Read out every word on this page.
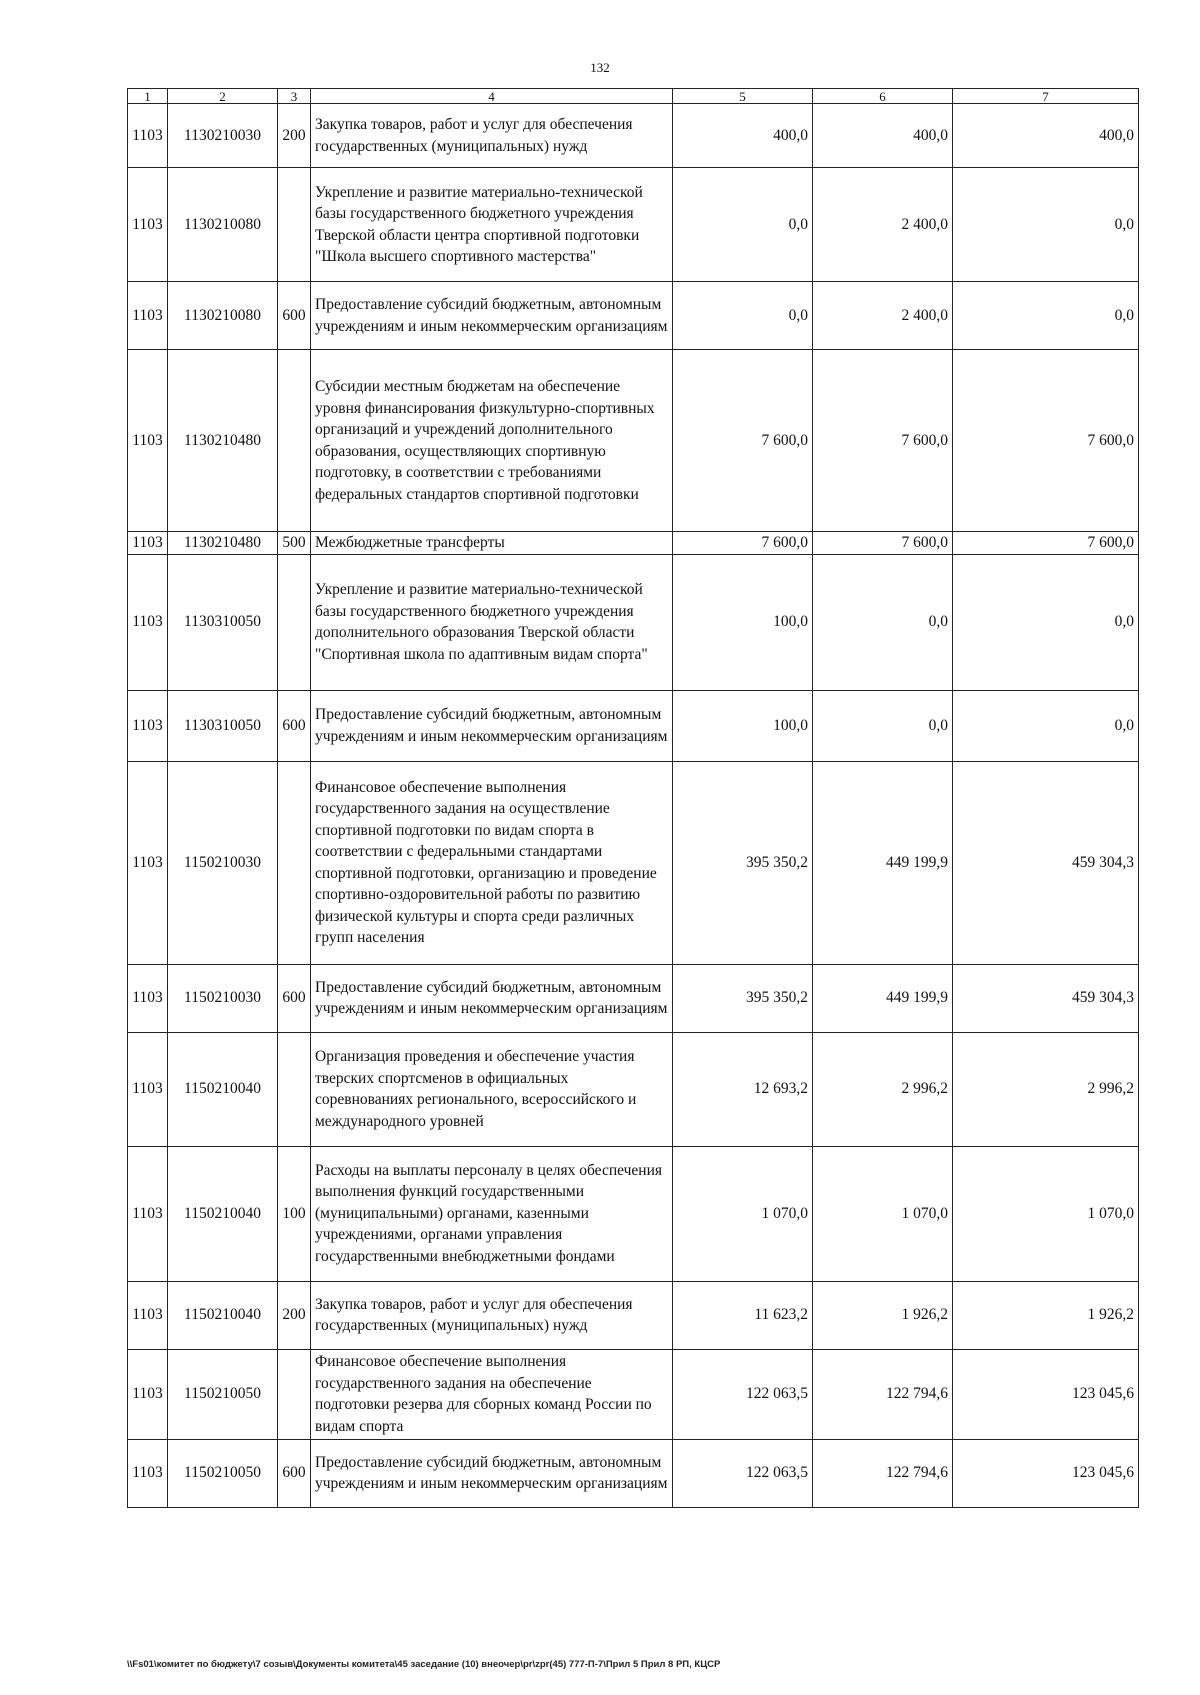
132
1	2	3	4	5	6	7
1103	1130210030	200	Закупка товаров, работ и услуг для обеспечения государственных (муниципальных) нужд	400,0	400,0	400,0
1103	1130210080		Укрепление и развитие материально-технической базы государственного бюджетного учреждения Тверской области центра спортивной подготовки "Школа высшего спортивного мастерства"	0,0	2 400,0	0,0
1103	1130210080	600	Предоставление субсидий бюджетным, автономным учреждениям и иным некоммерческим организациям	0,0	2 400,0	0,0
1103	1130210480		Субсидии местным бюджетам на обеспечение уровня финансирования физкультурно-спортивных организаций и учреждений дополнительного образования, осуществляющих спортивную подготовку, в соответствии с требованиями федеральных стандартов спортивной подготовки	7 600,0	7 600,0	7 600,0
1103	1130210480	500	Межбюджетные трансферты	7 600,0	7 600,0	7 600,0
1103	1130310050		Укрепление и развитие материально-технической базы государственного бюджетного учреждения дополнительного образования Тверской области "Спортивная школа по адаптивным видам спорта"	100,0	0,0	0,0
1103	1130310050	600	Предоставление субсидий бюджетным, автономным учреждениям и иным некоммерческим организациям	100,0	0,0	0,0
1103	1150210030		Финансовое обеспечение выполнения государственного задания на осуществление спортивной подготовки по видам спорта в соответствии с федеральными стандартами спортивной подготовки, организацию и проведение спортивно-оздоровительной работы по развитию физической культуры и спорта среди различных групп населения	395 350,2	449 199,9	459 304,3
1103	1150210030	600	Предоставление субсидий бюджетным, автономным учреждениям и иным некоммерческим организациям	395 350,2	449 199,9	459 304,3
1103	1150210040		Организация проведения и обеспечение участия тверских спортсменов в официальных соревнованиях регионального, всероссийского и международного уровней	12 693,2	2 996,2	2 996,2
1103	1150210040	100	Расходы на выплаты персоналу в целях обеспечения выполнения функций государственными (муниципальными) органами, казенными учреждениями, органами управления государственными внебюджетными фондами	1 070,0	1 070,0	1 070,0
1103	1150210040	200	Закупка товаров, работ и услуг для обеспечения государственных (муниципальных) нужд	11 623,2	1 926,2	1 926,2
1103	1150210050		Финансовое обеспечение выполнения государственного задания на обеспечение подготовки резерва для сборных команд России по видам спорта	122 063,5	122 794,6	123 045,6
1103	1150210050	600	Предоставление субсидий бюджетным, автономным учреждениям и иным некоммерческим организациям	122 063,5	122 794,6	123 045,6
\\Fs01\комитет по бюджету\7 созыв\Документы комитета\45 заседание (10) внеочер\pr\zpr(45) 777-П-7\Прил 5 Прил 8 РП, КЦСР
